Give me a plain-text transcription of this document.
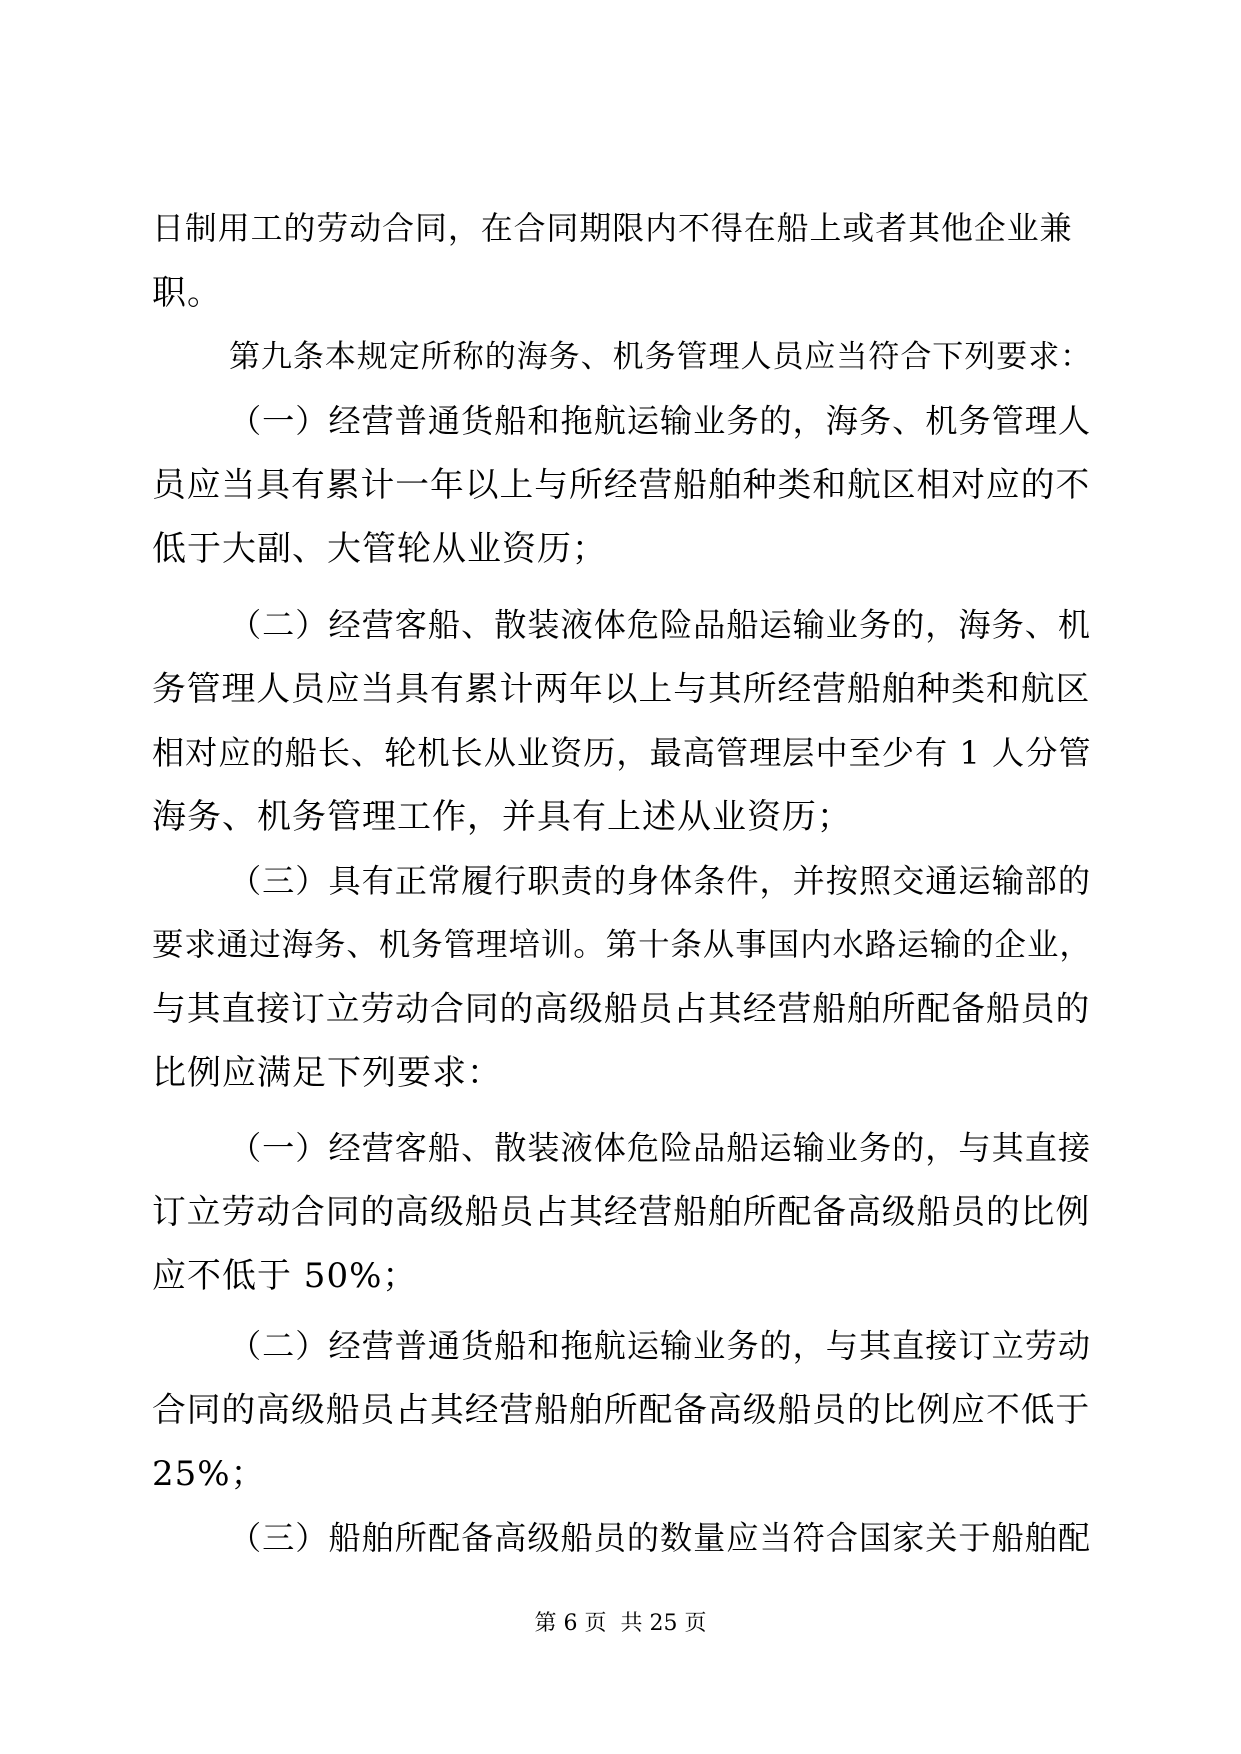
日制用工的劳动合同，在合同期限内不得在船上或者其他企业兼
职。
第九条本规定所称的海务、机务管理人员应当符合下列要求：
（一）经营普通货船和拖航运输业务的，海务、机务管理人
员应当具有累计一年以上与所经营船舶种类和航区相对应的不
低于大副、大管轮从业资历；
（二）经营客船、散装液体危险品船运输业务的，海务、机
务管理人员应当具有累计两年以上与其所经营船舶种类和航区
相对应的船长、轮机长从业资历，最高管理层中至少有 1 人分管
海务、机务管理工作，并具有上述从业资历；
（三）具有正常履行职责的身体条件，并按照交通运输部的
要求通过海务、机务管理培训。第十条从事国内水路运输的企业，
与其直接订立劳动合同的高级船员占其经营船舶所配备船员的
比例应满足下列要求：
（一）经营客船、散装液体危险品船运输业务的，与其直接
订立劳动合同的高级船员占其经营船舶所配备高级船员的比例
应不低于 50%；
（二）经营普通货船和拖航运输业务的，与其直接订立劳动
合同的高级船员占其经营船舶所配备高级船员的比例应不低于
25%；
（三）船舶所配备高级船员的数量应当符合国家关于船舶配
第 6 页  共 25 页
